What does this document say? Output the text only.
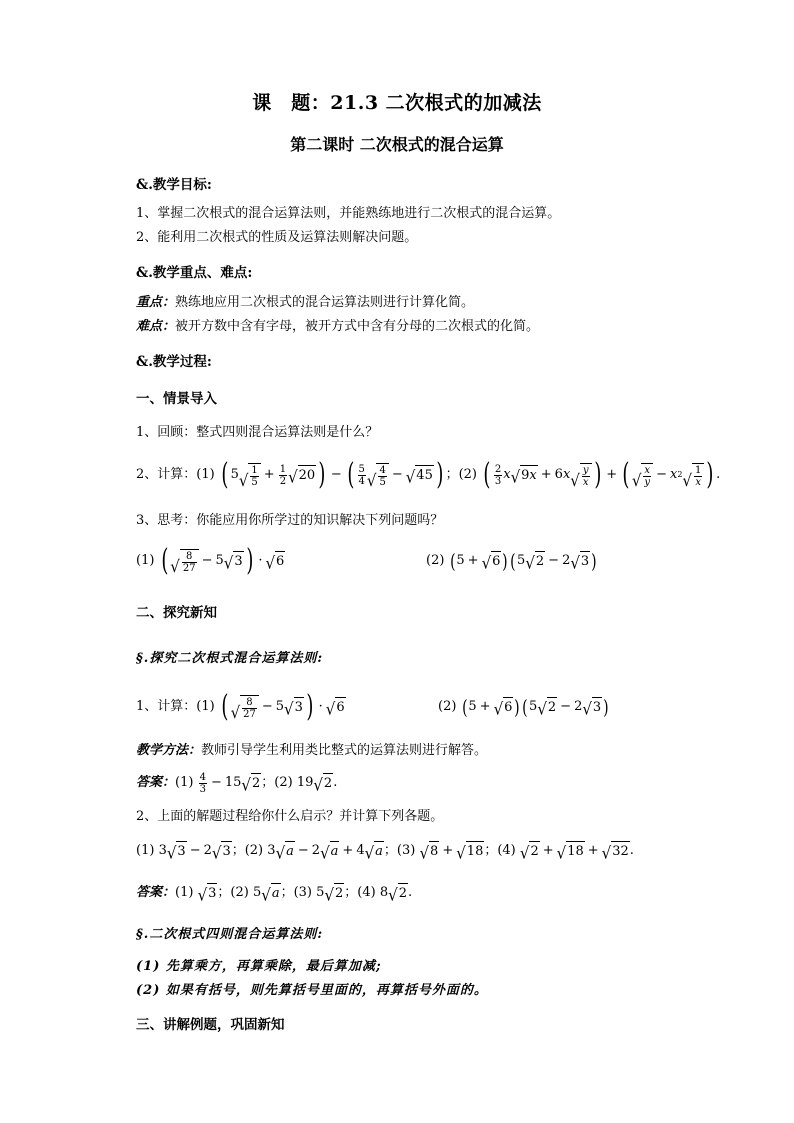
课　题：21.3 二次根式的加减法
第二课时 二次根式的混合运算
&.教学目标:
1、掌握二次根式的混合运算法则，并能熟练地进行二次根式的混合运算。
2、能利用二次根式的性质及运算法则解决问题。
&.教学重点、难点:
重点：熟练地应用二次根式的混合运算法则进行计算化简。
难点：被开方数中含有字母，被开方式中含有分母的二次根式的化简。
&.教学过程:
一、情景导入
1、回顾：整式四则混合运算法则是什么？
2、计算： (1)
( 5 √ $\frac{1}{5} + \frac{1}{2}$ √ 20 ) − ( $\frac{5}{4}$ √ $\frac{4}{5}$ − √ 45 ) ； (2)
( $\frac{2}{3}$ x √ 9 x + 6 x √ $\frac{y}{x}$ ) + ( √ $\frac{x}{y} - x$ 2 √ $\frac{1}{x}$ ) .
3、思考：你能应用你所学过的知识解决下列问题吗？
(1)
( √ $\frac{8}{27} - 5$ √ 3 ) · √ 6	(2)
( 5 + √ 6 ) ( 5 √ 2 − 2 √ 3 )
二、探究新知
§.探究二次根式混合运算法则:
1、计算： (1)
( √ $\frac{8}{27} - 5$ √ 3 ) · √ 6	(2)
( 5 + √ 6 ) ( 5 √ 2 − 2 √ 3 )
教学方法：教师引导学生利用类比整式的运算法则进行解答。
答案： (1)
$\frac{4}{3} - 15$ √ 2 ；(2)
19 √ 2 .
2、上面的解题过程给你什么启示？并计算下列各题。
(1)
3 √ 3 − 2 √ 3 ；(2)
3 √ a − 2 √ a + 4 √ a ；(3)
√ 8 + √ 18 ；(4)
√ 2 + √ 18 + √ 32 .
答案： (1)
√ 3 ；(2)
5 √ a ；(3)
5 √ 2 ；(4)
8 √ 2 .
§.二次根式四则混合运算法则:
(1) 先算乘方，再算乘除，最后算加减;
(2) 如果有括号，则先算括号里面的，再算括号外面的。
三、讲解例题，巩固新知
